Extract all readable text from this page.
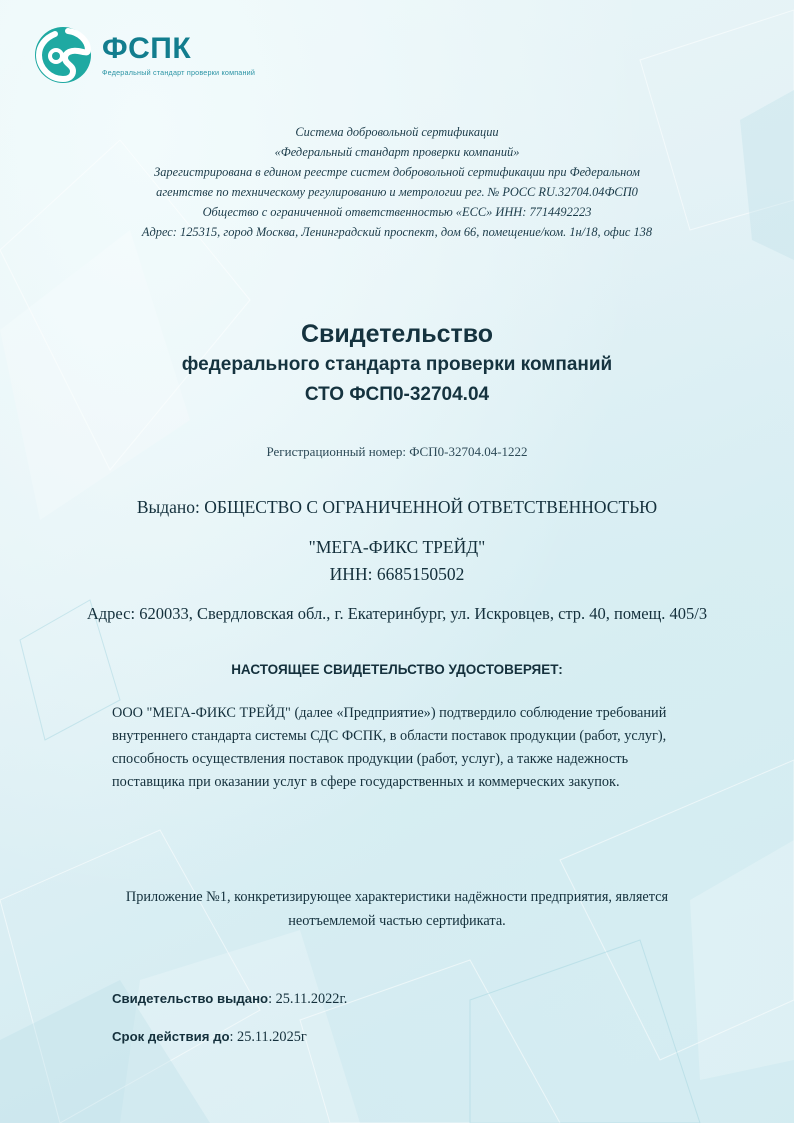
ФСПК
Федеральный стандарт проверки компаний
Система добровольной сертификации
«Федеральный стандарт проверки компаний»
Зарегистрирована в едином реестре систем добровольной сертификации при Федеральном
агентстве по техническому регулированию и метрологии рег. № РОСС RU.32704.04ФСП0
Общество с ограниченной ответственностью «ЕСС» ИНН: 7714492223
Адрес: 125315, город Москва, Ленинградский проспект, дом 66, помещение/ком. 1н/18, офис 138
Свидетельство
федерального стандарта проверки компаний
СТО ФСП0-32704.04
Регистрационный номер: ФСП0-32704.04-1222
Выдано: ОБЩЕСТВО С ОГРАНИЧЕННОЙ ОТВЕТСТВЕННОСТЬЮ
"МЕГА-ФИКС ТРЕЙД"
ИНН: 6685150502
Адрес: 620033, Свердловская обл., г. Екатеринбург, ул. Искровцев, стр. 40, помещ. 405/3
НАСТОЯЩЕЕ СВИДЕТЕЛЬСТВО УДОСТОВЕРЯЕТ:
ООО "МЕГА-ФИКС ТРЕЙД" (далее «Предприятие») подтвердило соблюдение требований внутреннего стандарта системы СДС ФСПК, в области поставок продукции (работ, услуг), способность осуществления поставок продукции (работ, услуг), а также надежность поставщика при оказании услуг в сфере государственных и коммерческих закупок.
Приложение №1, конкретизирующее характеристики надёжности предприятия, является неотъемлемой частью сертификата.
Свидетельство выдано: 25.11.2022г.
Срок действия до: 25.11.2025г
